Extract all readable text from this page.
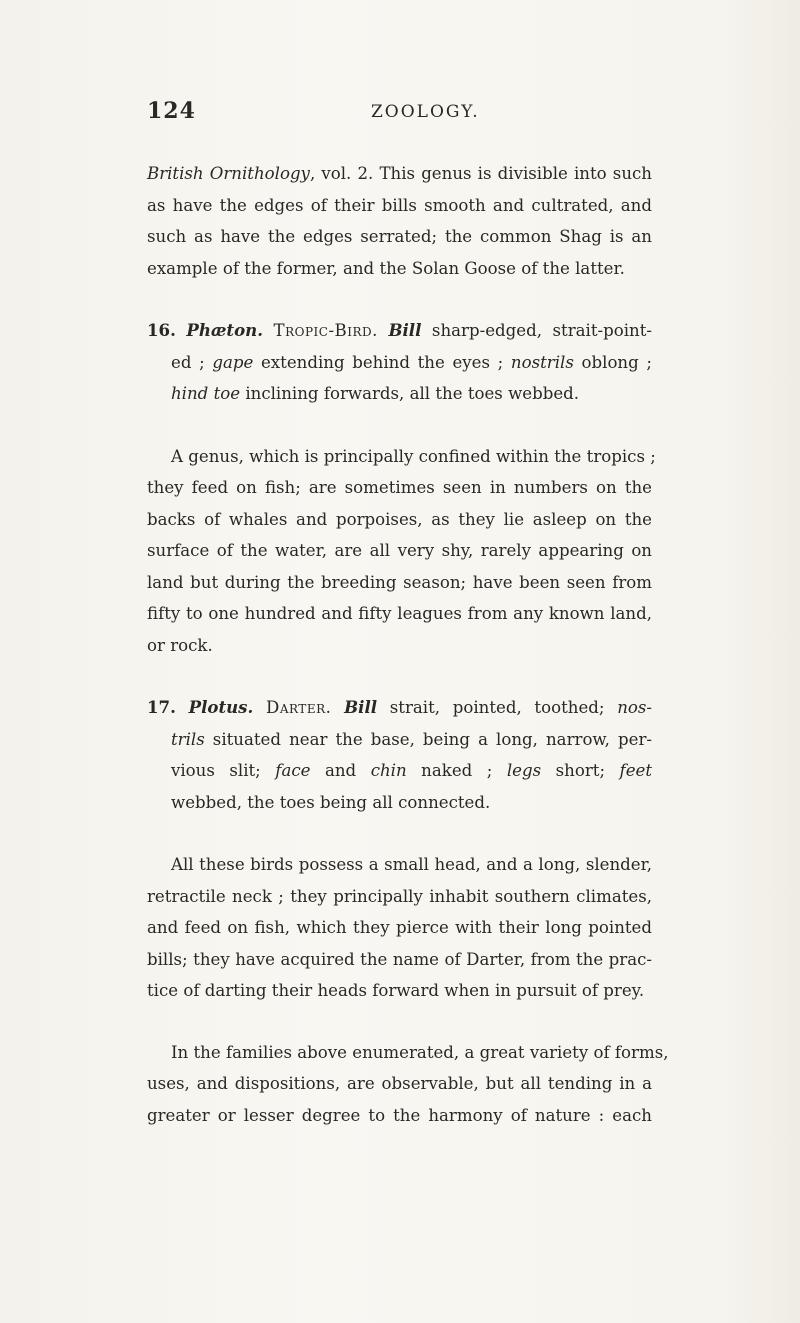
124	ZOOLOGY.

British Ornithology, vol. 2. This genus is divisible into such
as have the edges of their bills smooth and cultrated, and
such as have the edges serrated; the common Shag is an
example of the former, and the Solan Goose of the latter.

16. Phæton. Tropic-Bird. Bill sharp-edged, strait-point-
ed ; gape extending behind the eyes ; nostrils oblong ;
hind toe inclining forwards, all the toes webbed.

A genus, which is principally confined within the tropics ;
they feed on fish; are sometimes seen in numbers on the
backs of whales and porpoises, as they lie asleep on the
surface of the water, are all very shy, rarely appearing on
land but during the breeding season; have been seen from
fifty to one hundred and fifty leagues from any known land,
or rock.

17. Plotus. Darter. Bill strait, pointed, toothed; nos-
trils situated near the base, being a long, narrow, per-
vious slit; face and chin naked ; legs short; feet
webbed, the toes being all connected.

All these birds possess a small head, and a long, slender,
retractile neck ; they principally inhabit southern climates,
and feed on fish, which they pierce with their long pointed
bills; they have acquired the name of Darter, from the prac-
tice of darting their heads forward when in pursuit of prey.

In the families above enumerated, a great variety of forms,
uses, and dispositions, are observable, but all tending in a
greater or lesser degree to the harmony of nature : each
